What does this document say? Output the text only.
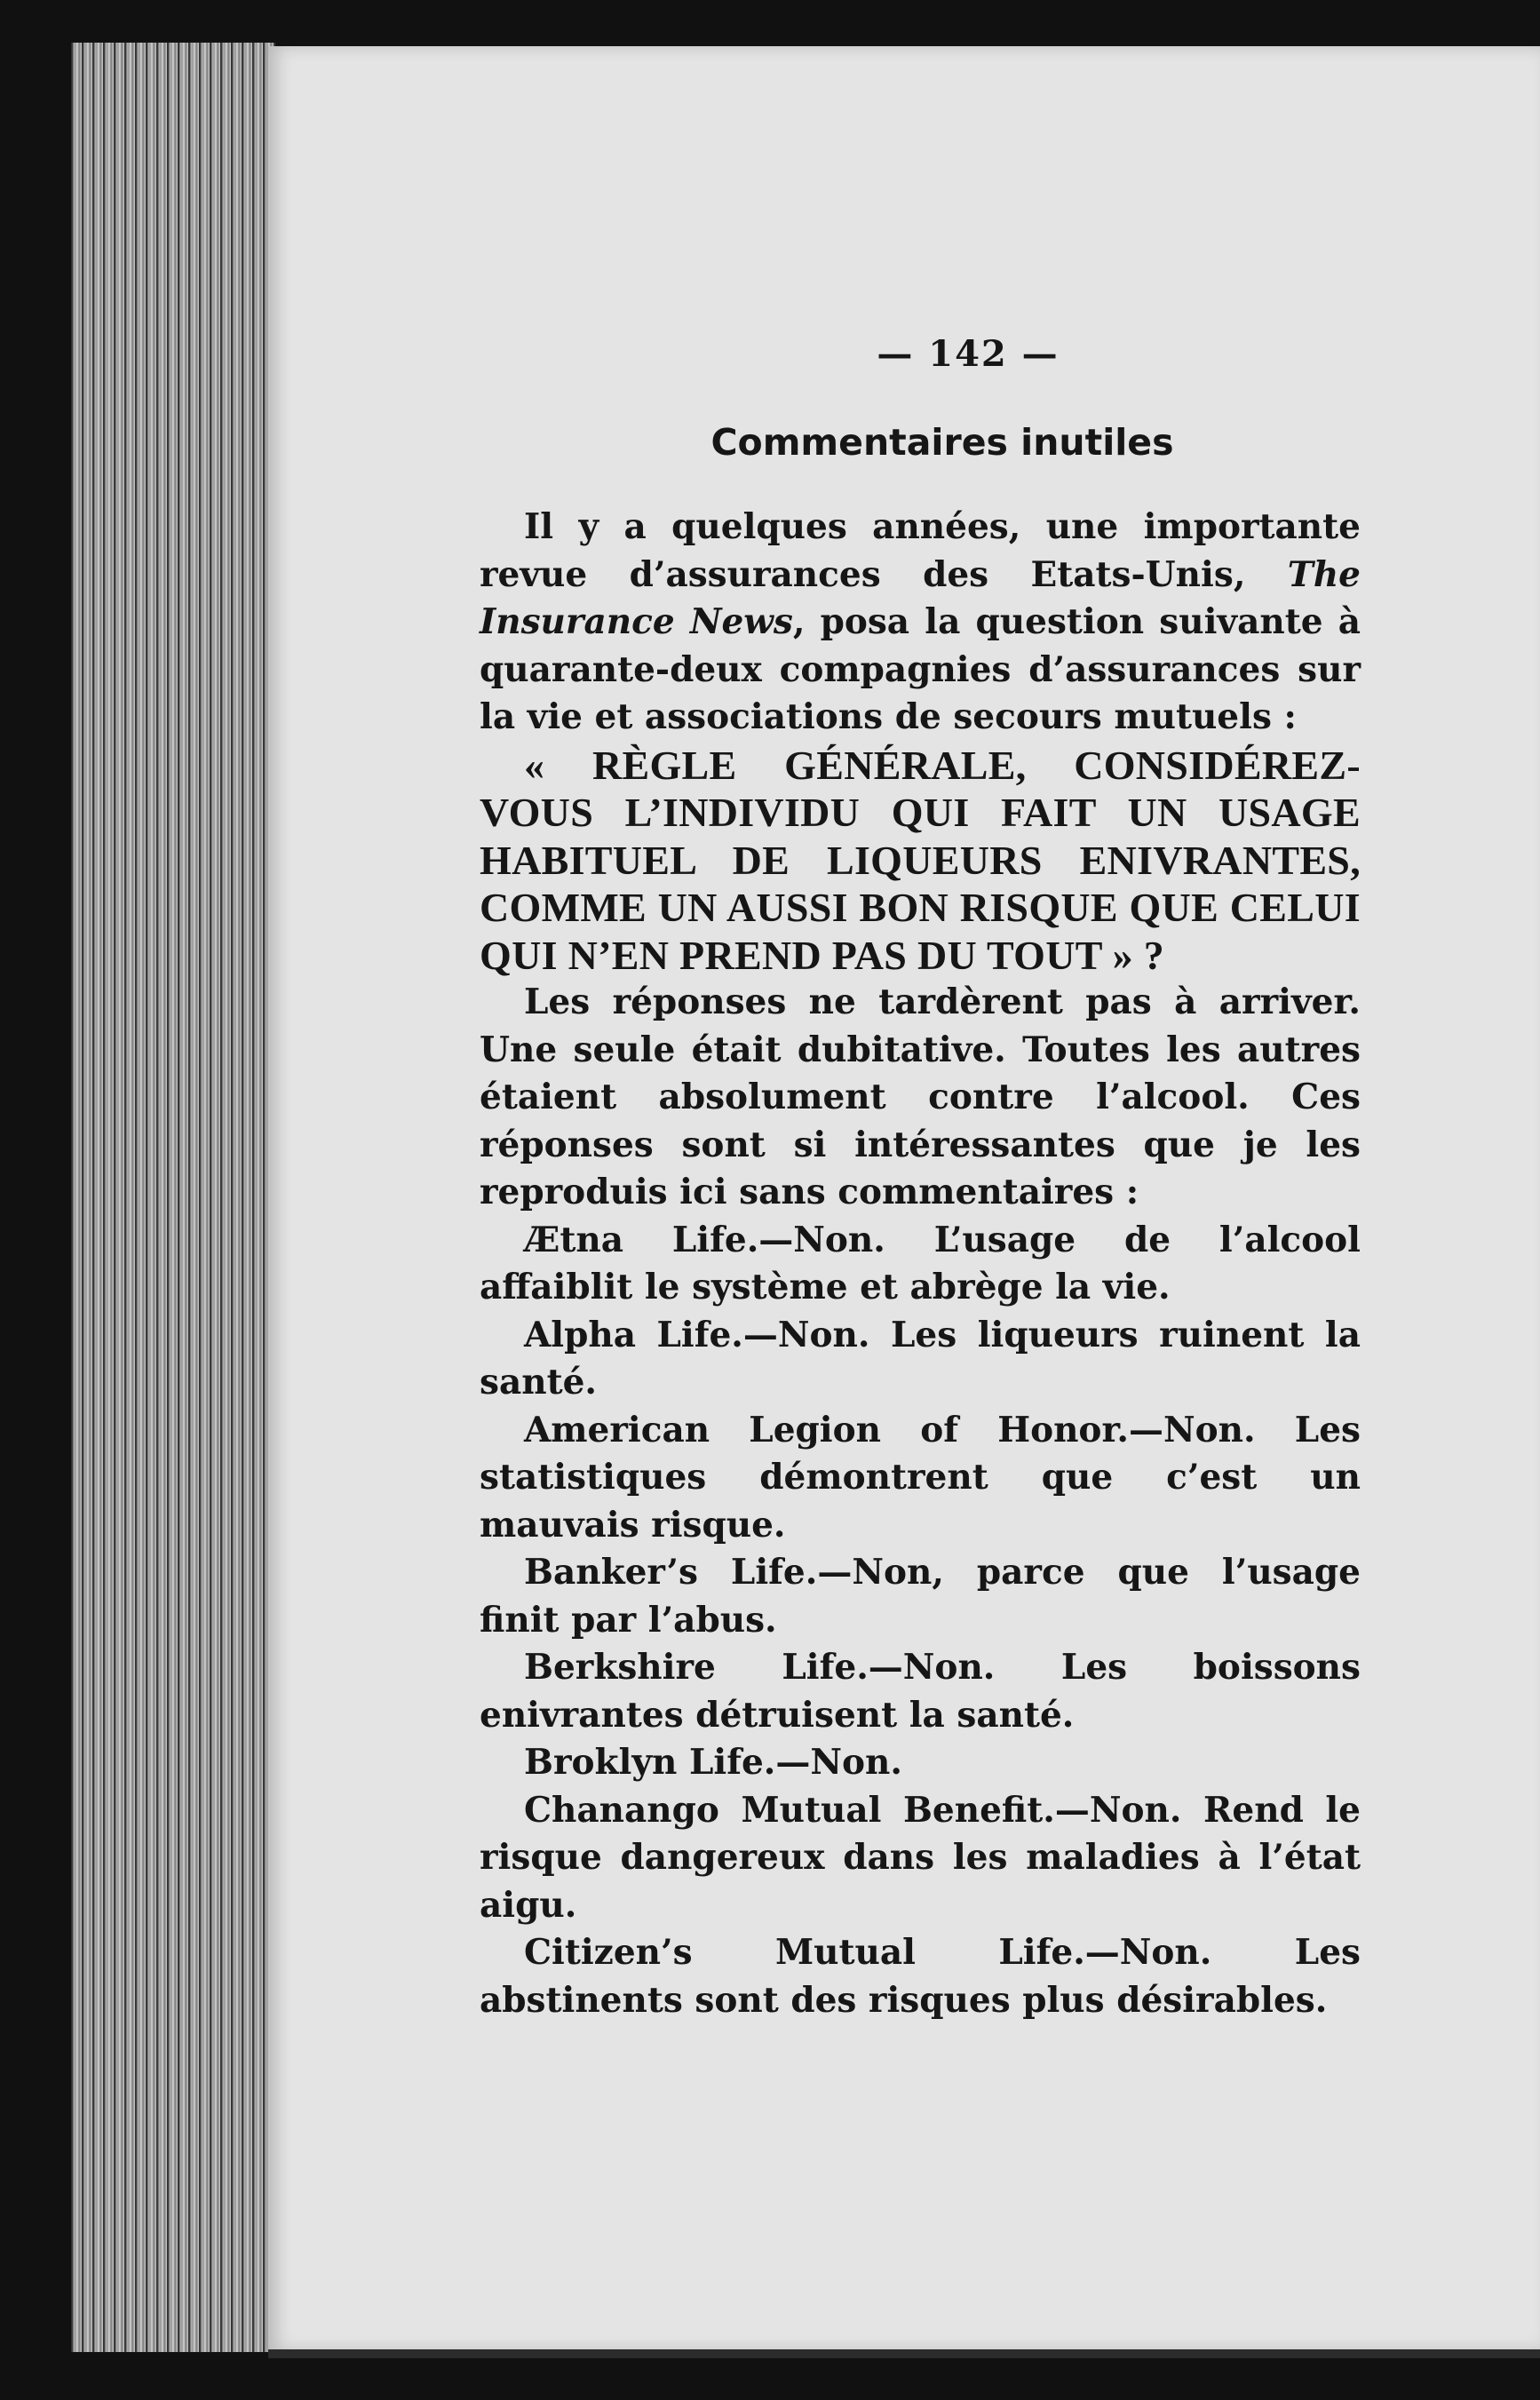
— 142 —

Commentaires inutiles

Il y a quelques années, une importante revue d’assurances des Etats-Unis, The Insurance News, posa la question suivante à quarante-deux compagnies d’assurances sur la vie et associations de secours mutuels :

« RÈGLE GÉNÉRALE, CONSIDÉREZ-VOUS L’INDIVIDU QUI FAIT UN USAGE HABITUEL DE LIQUEURS ENIVRANTES, COMME UN AUSSI BON RISQUE QUE CELUI QUI N’EN PREND PAS DU TOUT » ?

Les réponses ne tardèrent pas à arriver. Une seule était dubitative. Toutes les autres étaient absolument contre l’alcool. Ces réponses sont si intéressantes que je les reproduis ici sans commentaires :

Ætna Life.—Non. L’usage de l’alcool affaiblit le système et abrège la vie.

Alpha Life.—Non. Les liqueurs ruinent la santé.

American Legion of Honor.—Non. Les statistiques démontrent que c’est un mauvais risque.

Banker’s Life.—Non, parce que l’usage finit par l’abus.

Berkshire Life.—Non. Les boissons enivrantes détruisent la santé.

Broklyn Life.—Non.

Chanango Mutual Benefit.—Non. Rend le risque dangereux dans les maladies à l’état aigu.

Citizen’s Mutual Life.—Non. Les abstinents sont des risques plus désirables.
